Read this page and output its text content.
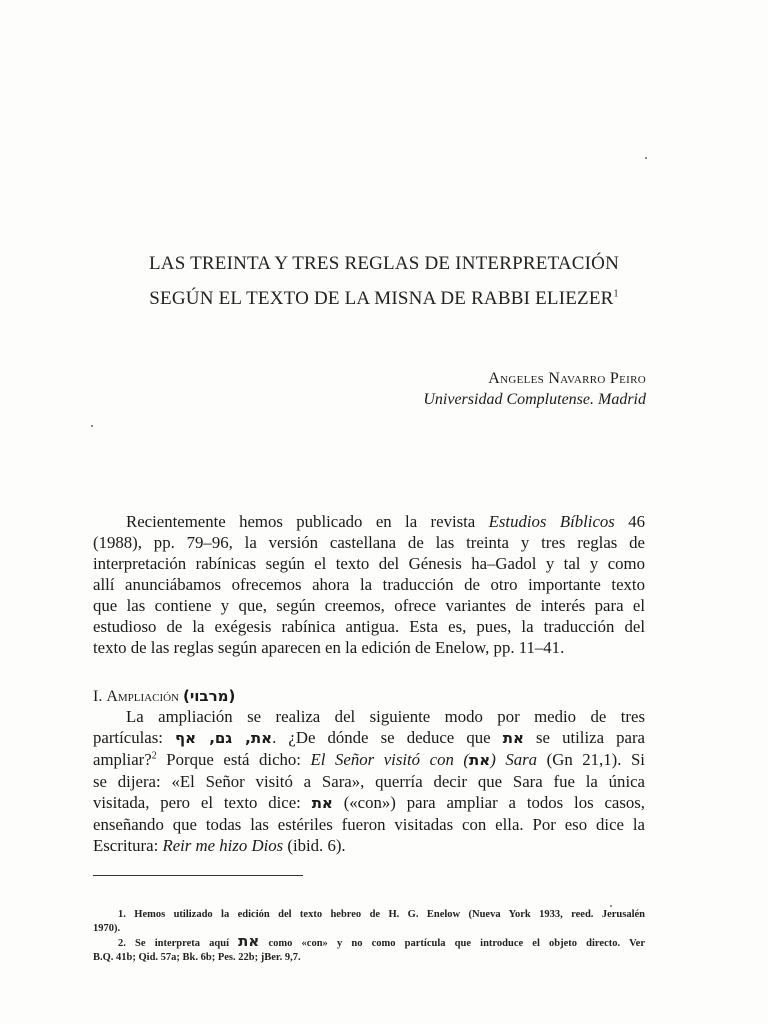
LAS TREINTA Y TRES REGLAS DE INTERPRETACIÓN
SEGÚN EL TEXTO DE LA MISNA DE RABBI ELIEZER$^1$
Angeles Navarro Peiro
Universidad Complutense. Madrid
Recientemente hemos publicado en la revista Estudios Bíblicos 46
(1988), pp. 79–96, la versión castellana de las treinta y tres reglas de
interpretación rabínicas según el texto del Génesis ha–Gadol y tal y como
allí anunciábamos ofrecemos ahora la traducción de otro importante texto
que las contiene y que, según creemos, ofrece variantes de interés para el
estudioso de la exégesis rabínica antigua. Esta es, pues, la traducción del
texto de las reglas según aparecen en la edición de Enelow, pp. 11–41.
I. Ampliación (מרבוי)
La ampliación se realiza del siguiente modo por medio de tres
partículas: את, גם, אף. ¿De dónde se deduce que את se utiliza para
ampliar?$^2$ Porque está dicho: El Señor visitó con (את) Sara (Gn 21,1). Si
se dijera: «El Señor visitó a Sara», querría decir que Sara fue la única
visitada, pero el texto dice: את («con») para ampliar a todos los casos,
enseñando que todas las estériles fueron visitadas con ella. Por eso dice la
Escritura: Reir me hizo Dios (ibid. 6).
1. Hemos utilizado la edición del texto hebreo de H. G. Enelow (Nueva York 1933, reed. Jerusalén
1970).
2. Se interpreta aquí את como «con» y no como partícula que introduce el objeto directo. Ver
B.Q. 41b; Qid. 57a; Bk. 6b; Pes. 22b; jBer. 9,7.
